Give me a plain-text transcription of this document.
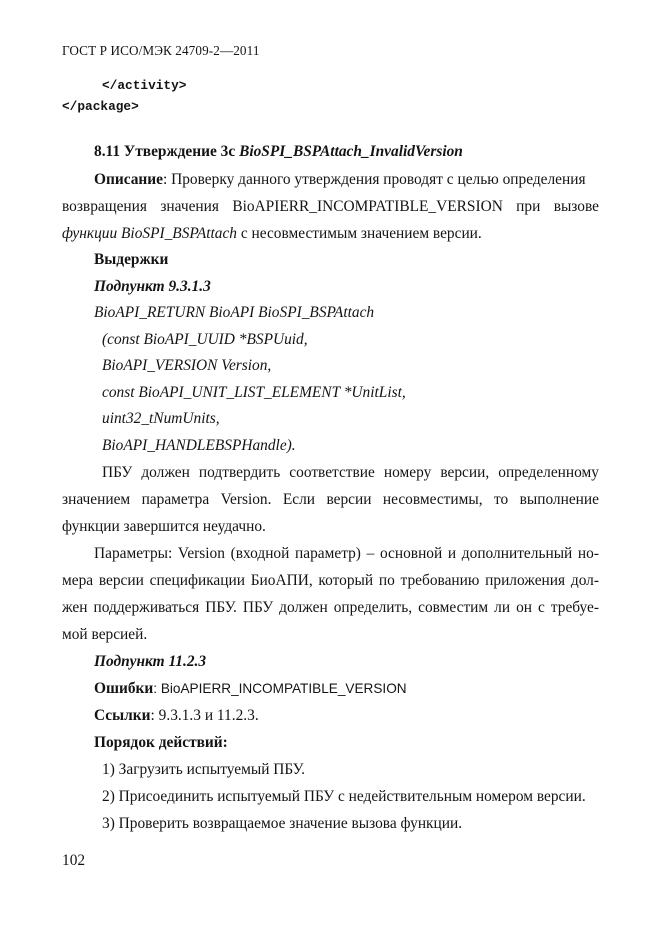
ГОСТ Р ИСО/МЭК 24709-2—2011
</activity>
</package>
8.11 Утверждение 3c BioSPI_BSPAttach_InvalidVersion
Описание: Проверку данного утверждения проводят с целью определения
возвращения значения BioAPIERR_INCOMPATIBLE_VERSION при вызове
функции BioSPI_BSPAttach с несовместимым значением версии.
Выдержки
Подпункт 9.3.1.3
BioAPI_RETURN BioAPI BioSPI_BSPAttach
(const BioAPI_UUID *BSPUuid,
BioAPI_VERSION Version,
const BioAPI_UNIT_LIST_ELEMENT *UnitList,
uint32_tNumUnits,
BioAPI_HANDLEBSPHandle).
ПБУ должен подтвердить соответствие номеру версии, определенному
значением параметра Version. Если версии несовместимы, то выполнение
функции завершится неудачно.
Параметры: Version (входной параметр) – основной и дополнительный но-
мера версии спецификации БиоАПИ, который по требованию приложения дол-
жен поддерживаться ПБУ. ПБУ должен определить, совместим ли он с требуе-
мой версией.
Подпункт 11.2.3
Ошибки: BioAPIERR_INCOMPATIBLE_VERSION
Ссылки: 9.3.1.3 и 11.2.3.
Порядок действий:
1) Загрузить испытуемый ПБУ.
2) Присоединить испытуемый ПБУ с недействительным номером версии.
3) Проверить возвращаемое значение вызова функции.
102
